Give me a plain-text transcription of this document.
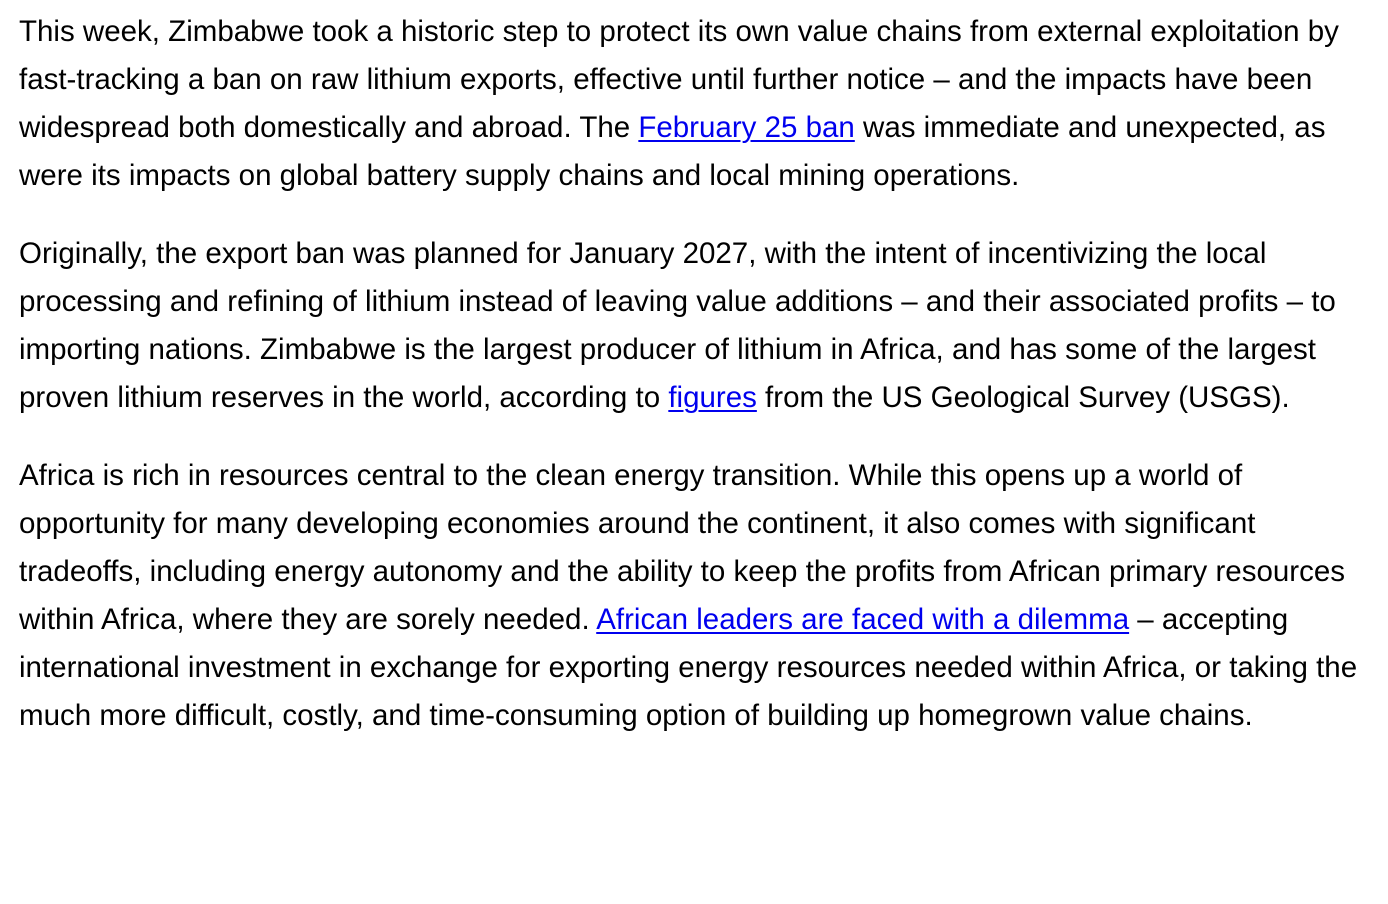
This week, Zimbabwe took a historic step to protect its own value chains from external exploitation by fast-tracking a ban on raw lithium exports, effective until further notice – and the impacts have been widespread both domestically and abroad. The February 25 ban was immediate and unexpected, as were its impacts on global battery supply chains and local mining operations.

Originally, the export ban was planned for January 2027, with the intent of incentivizing the local processing and refining of lithium instead of leaving value additions – and their associated profits – to importing nations. Zimbabwe is the largest producer of lithium in Africa, and has some of the largest proven lithium reserves in the world, according to figures from the US Geological Survey (USGS).

Africa is rich in resources central to the clean energy transition. While this opens up a world of opportunity for many developing economies around the continent, it also comes with significant tradeoffs, including energy autonomy and the ability to keep the profits from African primary resources within Africa, where they are sorely needed. African leaders are faced with a dilemma – accepting international investment in exchange for exporting energy resources needed within Africa, or taking the much more difficult, costly, and time-consuming option of building up homegrown value chains.
